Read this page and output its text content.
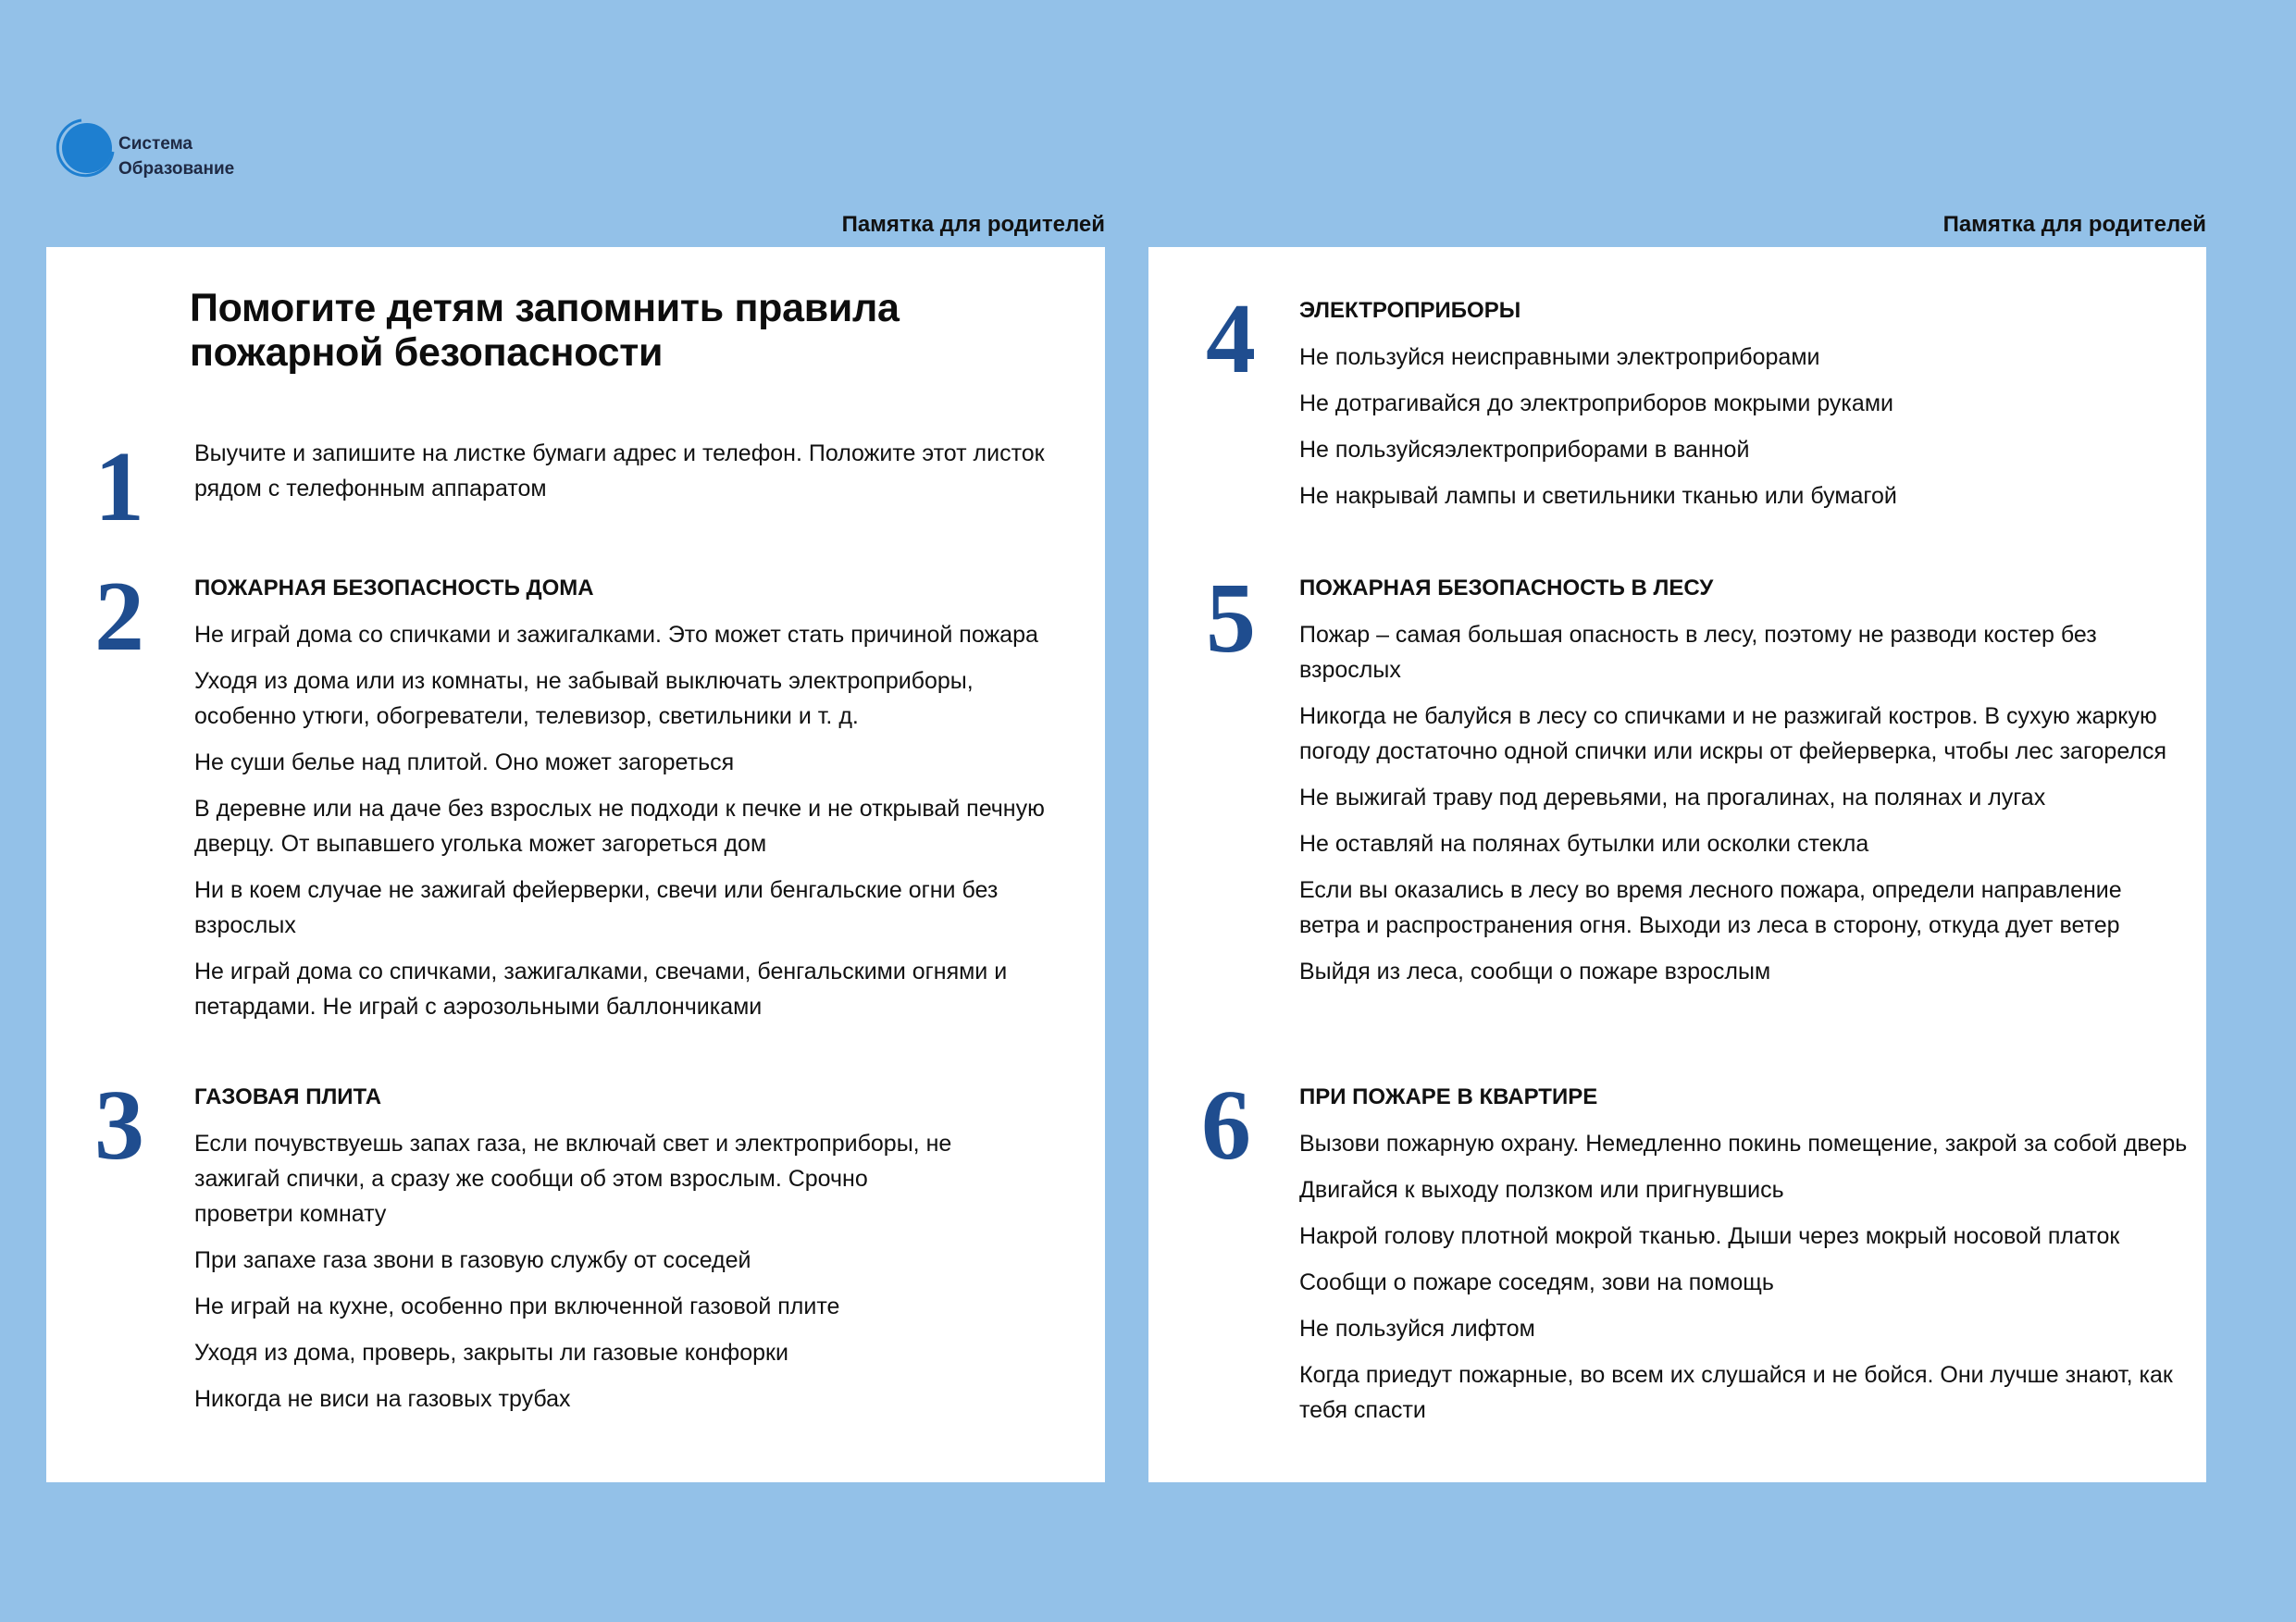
Система
Образование
Памятка для родителей	Памятка для родителей
Помогите детям запомнить правила пожарной безопасности
1 Выучите и запишите на листке бумаги адрес и телефон. Положите этот листок рядом с телефонным аппаратом
2 ПОЖАРНАЯ БЕЗОПАСНОСТЬ ДОМА
Не играй дома со спичками и зажигалками. Это может стать причиной пожара
Уходя из дома или из комнаты, не забывай выключать электроприборы, особенно утюги, обогреватели, телевизор, светильники и т. д.
Не суши белье над плитой. Оно может загореться
В деревне или на даче без взрослых не подходи к печке и не открывай печную дверцу. От выпавшего уголька может загореться дом
Ни в коем случае не зажигай фейерверки, свечи или бенгальские огни без взрослых
Не играй дома со спичками, зажигалками, свечами, бенгальскими огнями и петардами. Не играй с аэрозольными баллончиками
3 ГАЗОВАЯ ПЛИТА
Если почувствуешь запах газа, не включай свет и электроприборы, не зажигай спички, а сразу же сообщи об этом взрослым. Срочно проветри комнату
При запахе газа звони в газовую службу от соседей
Не играй на кухне, особенно при включенной газовой плите
Уходя из дома, проверь, закрыты ли газовые конфорки
Никогда не виси на газовых трубах
4 ЭЛЕКТРОПРИБОРЫ
Не пользуйся неисправными электроприборами
Не дотрагивайся до электроприборов мокрыми руками
Не пользуйсяэлектроприборами в ванной
Не накрывай лампы и светильники тканью или бумагой
5 ПОЖАРНАЯ БЕЗОПАСНОСТЬ В ЛЕСУ
Пожар – самая большая опасность в лесу, поэтому не разводи костер без взрослых
Никогда не балуйся в лесу со спичками и не разжигай костров. В сухую жаркую погоду достаточно одной спички или искры от фейерверка, чтобы лес загорелся
Не выжигай траву под деревьями, на прогалинах, на полянах и лугах
Не оставляй на полянах бутылки или осколки стекла
Если вы оказались в лесу во время лесного пожара, определи направление ветра и распространения огня. Выходи из леса в сторону, откуда дует ветер
Выйдя из леса, сообщи о пожаре взрослым
6 ПРИ ПОЖАРЕ В КВАРТИРЕ
Вызови пожарную охрану. Немедленно покинь помещение, закрой за собой дверь
Двигайся к выходу ползком или пригнувшись
Накрой голову плотной мокрой тканью. Дыши через мокрый носовой платок
Сообщи о пожаре соседям, зови на помощь
Не пользуйся лифтом
Когда приедут пожарные, во всем их слушайся и не бойся. Они лучше знают, как тебя спасти
